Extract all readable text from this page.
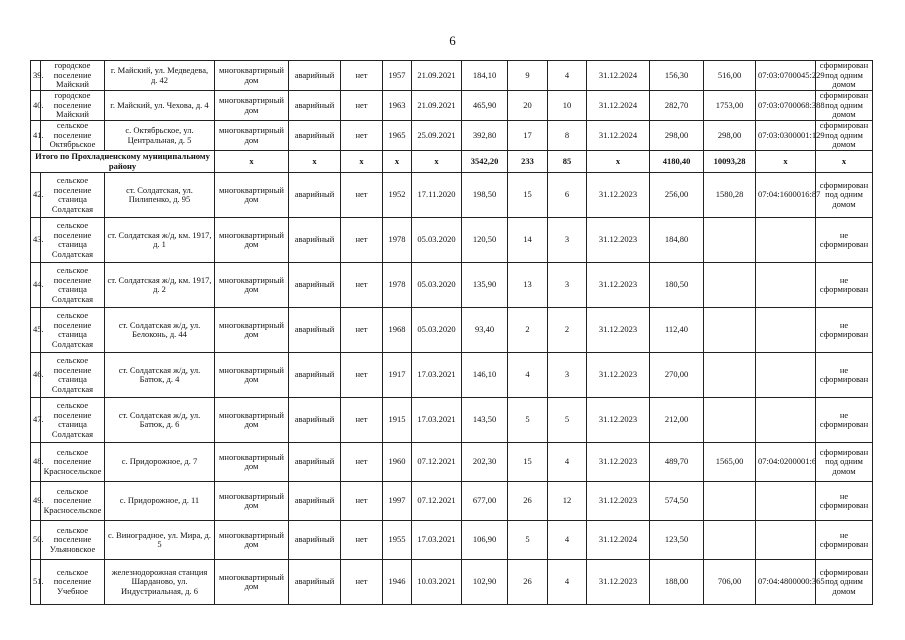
6
39.	городское поселение Майский	г. Майский, ул. Медведева, д. 42	многоквартирный дом	аварийный	нет	1957	21.09.2021	184,10	9	4	31.12.2024	156,30	516,00	07:03:0700045:229	сформирован под одним домом
40.	городское поселение Майский	г. Майский, ул. Чехова, д. 4	многоквартирный дом	аварийный	нет	1963	21.09.2021	465,90	20	10	31.12.2024	282,70	1753,00	07:03:0700068:388	сформирован под одним домом
41.	сельское поселение Октябрьское	с. Октябрьское, ул. Центральная, д. 5	многоквартирный дом	аварийный	нет	1965	25.09.2021	392,80	17	8	31.12.2024	298,00	298,00	07:03:0300001:129	сформирован под одним домом
Итого по Прохладненскому муниципальному району			х	х	х	х	х	3542,20	233	85	х	4180,40	10093,28	х	х
42.	сельское поселение станица Солдатская	ст. Солдатская, ул. Пилипенко, д. 95	многоквартирный дом	аварийный	нет	1952	17.11.2020	198,50	15	6	31.12.2023	256,00	1580,28	07:04:1600016:87	сформирован под одним домом
43.	сельское поселение станица Солдатская	ст. Солдатская ж/д, км. 1917, д. 1	многоквартирный дом	аварийный	нет	1978	05.03.2020	120,50	14	3	31.12.2023	184,80			не сформирован
44.	сельское поселение станица Солдатская	ст. Солдатская ж/д, км. 1917, д. 2	многоквартирный дом	аварийный	нет	1978	05.03.2020	135,90	13	3	31.12.2023	180,50			не сформирован
45.	сельское поселение станица Солдатская	ст. Солдатская ж/д, ул. Белоконь, д. 44	многоквартирный дом	аварийный	нет	1968	05.03.2020	93,40	2	2	31.12.2023	112,40			не сформирован
46.	сельское поселение станица Солдатская	ст. Солдатская ж/д, ул. Батюк, д. 4	многоквартирный дом	аварийный	нет	1917	17.03.2021	146,10	4	3	31.12.2023	270,00			не сформирован
47.	сельское поселение станица Солдатская	ст. Солдатская ж/д, ул. Батюк, д. 6	многоквартирный дом	аварийный	нет	1915	17.03.2021	143,50	5	5	31.12.2023	212,00			не сформирован
48.	сельское поселение Красносельское	с. Придорожное, д. 7	многоквартирный дом	аварийный	нет	1960	07.12.2021	202,30	15	4	31.12.2023	489,70	1565,00	07:04:0200001:6	сформирован под одним домом
49.	сельское поселение Красносельское	с. Придорожное, д. 11	многоквартирный дом	аварийный	нет	1997	07.12.2021	677,00	26	12	31.12.2023	574,50			не сформирован
50.	сельское поселение Ульяновское	с. Виноградное, ул. Мира, д. 5	многоквартирный дом	аварийный	нет	1955	17.03.2021	106,90	5	4	31.12.2024	123,50			не сформирован
51.	сельское поселение Учебное	железнодорожная станция Шарданово, ул. Индустриальная, д. 6	многоквартирный дом	аварийный	нет	1946	10.03.2021	102,90	26	4	31.12.2023	188,00	706,00	07:04:4800000:365	сформирован под одним домом
